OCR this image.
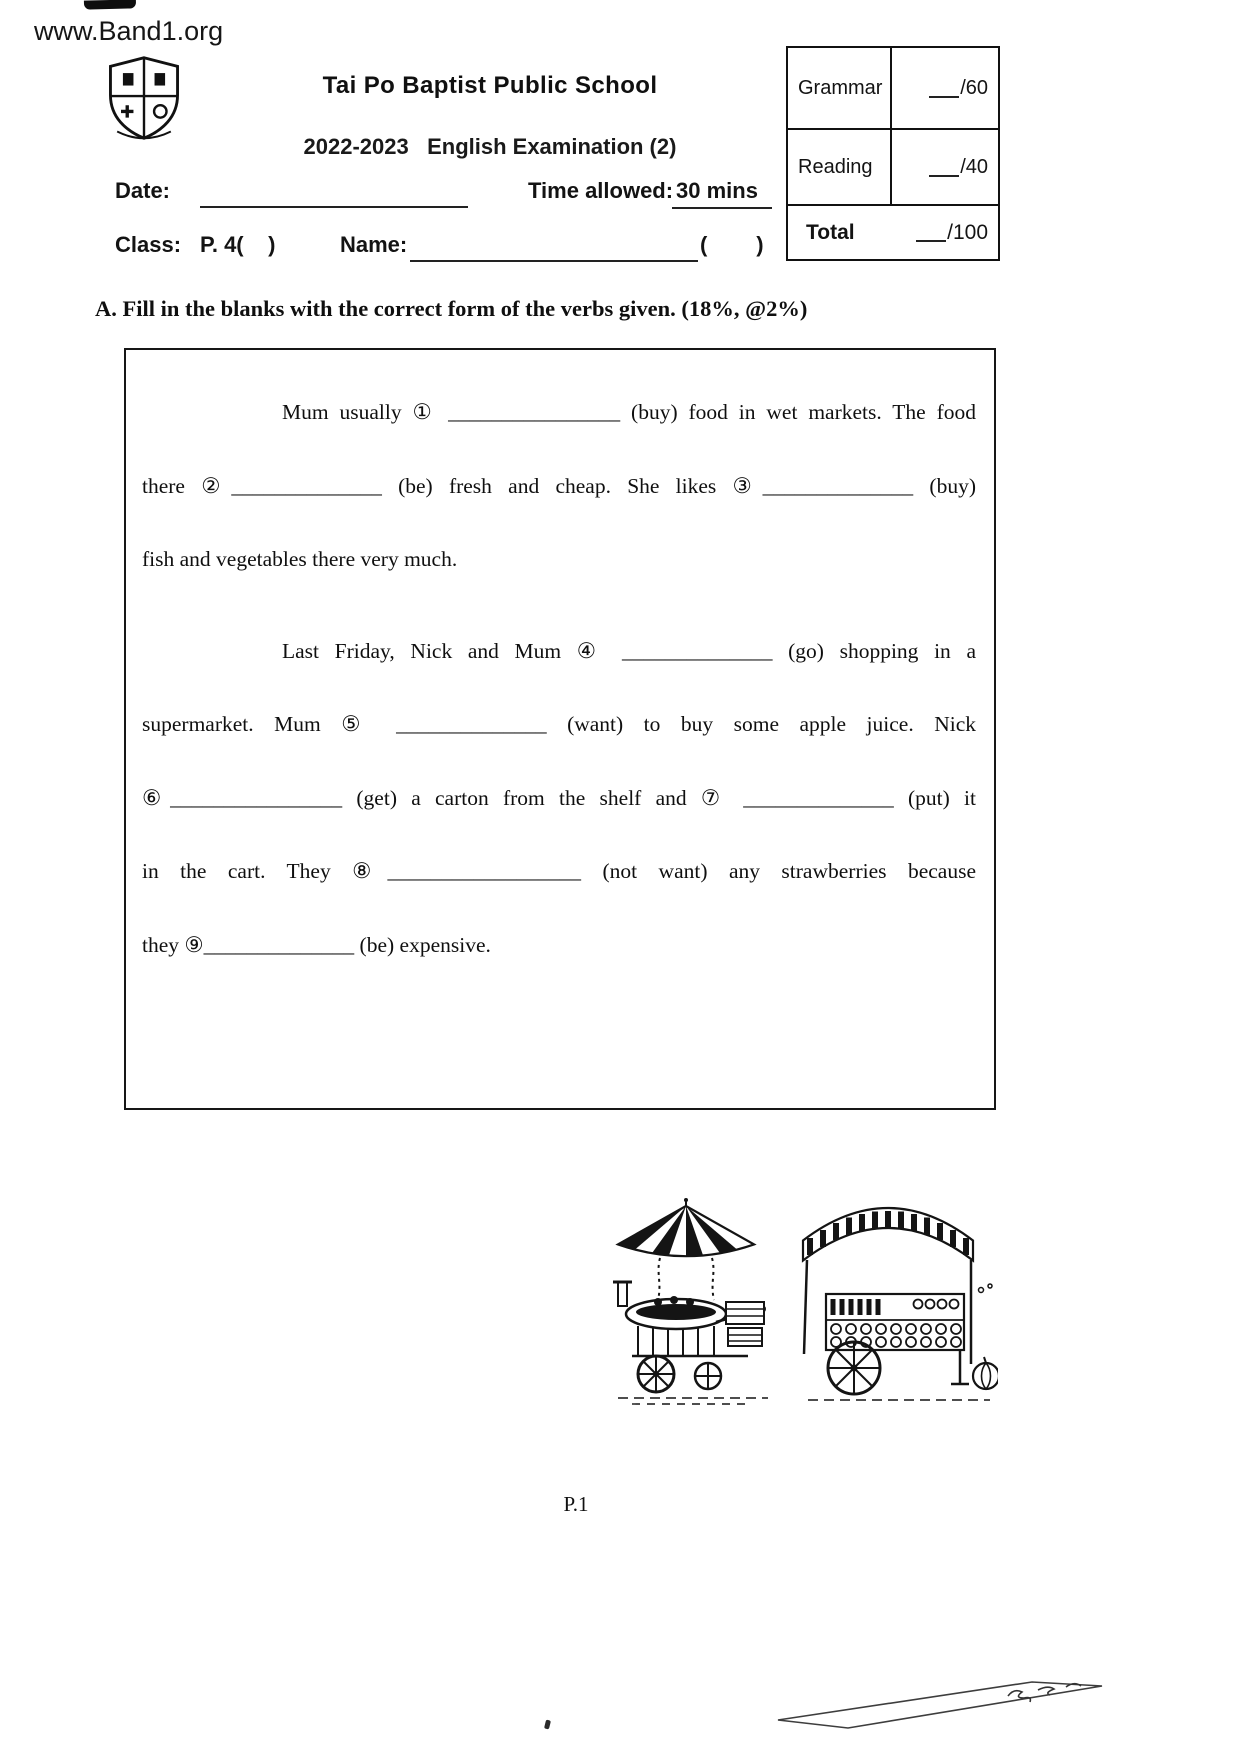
www.Band1.org
Tai Po Baptist Public School
2022-2023   English Examination (2)
Date:	Time allowed: 30 mins
Class: P. 4(    )	Name:	(        )
Grammar	/60
Reading	/40
Total	/100
A. Fill in the blanks with the correct form of the verbs given. (18%, @2%)
Mum usually ① ________________ (buy) food in wet markets. The food
there ②______________ (be) fresh and cheap. She likes ③______________ (buy)
fish and vegetables there very much.
Last Friday, Nick and Mum ④ ______________ (go) shopping in a
supermarket. Mum ⑤ ______________ (want) to buy some apple juice. Nick
⑥________________ (get) a carton from the shelf and ⑦ ______________ (put) it
in the cart. They ⑧__________________ (not want) any strawberries because
they ⑨______________ (be) expensive.
P.1
